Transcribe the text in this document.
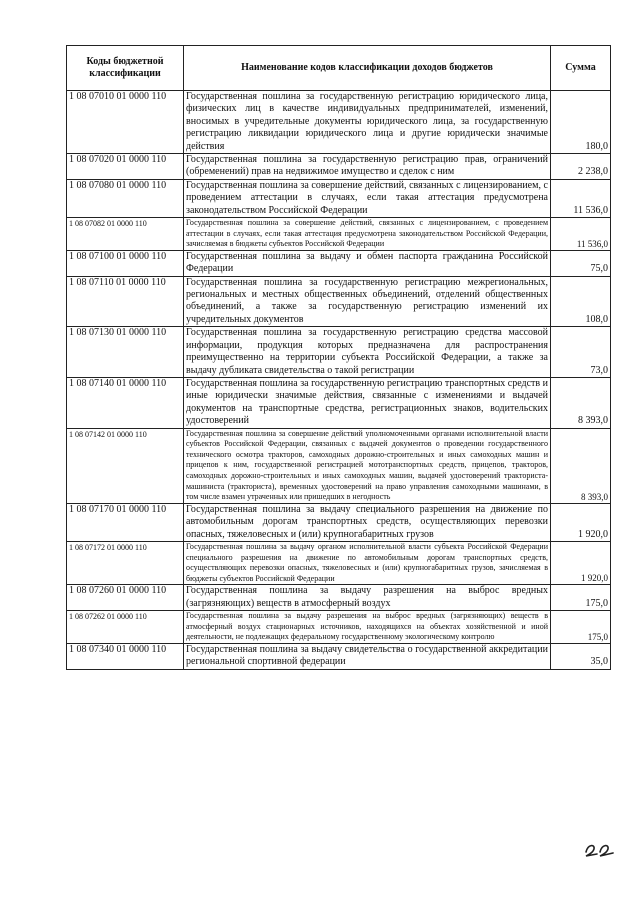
Коды бюджетной классификации	Наименование кодов классификации доходов бюджетов	Сумма
1 08 07010 01 0000 110	Государственная пошлина за государственную регистрацию юридического лица, физических лиц в качестве индивидуальных предпринимателей, изменений, вносимых в учредительные документы юридического лица, за государственную регистрацию ликвидации юридического лица и другие юридически значимые действия	180,0
1 08 07020 01 0000 110	Государственная пошлина за государственную регистрацию прав, ограничений (обременений) прав на недвижимое имущество и сделок с ним	2 238,0
1 08 07080 01 0000 110	Государственная пошлина за совершение действий, связанных с лицензированием, с проведением аттестации в случаях, если такая аттестация предусмотрена законодательством Российской Федерации	11 536,0
1 08 07082 01 0000 110	Государственная пошлина за совершение действий, связанных с лицензированием, с проведением аттестации в случаях, если такая аттестация предусмотрена законодательством Российской Федерации, зачисляемая в бюджеты субъектов Российской Федерации	11 536,0
1 08 07100 01 0000 110	Государственная пошлина за выдачу и обмен паспорта гражданина Российской Федерации	75,0
1 08 07110 01 0000 110	Государственная пошлина за государственную регистрацию межрегиональных, региональных и местных общественных объединений, отделений общественных объединений, а также за государственную регистрацию изменений их учредительных документов	108,0
1 08 07130 01 0000 110	Государственная пошлина за государственную регистрацию средства массовой информации, продукция которых предназначена для распространения преимущественно на территории субъекта Российской Федерации, а также за выдачу дубликата свидетельства о такой регистрации	73,0
1 08 07140 01 0000 110	Государственная пошлина за государственную регистрацию транспортных средств и иные юридически значимые действия, связанные с изменениями и выдачей документов на транспортные средства, регистрационных знаков, водительских удостоверений	8 393,0
1 08 07142 01 0000 110	Государственная пошлина за совершение действий уполномоченными органами исполнительной власти субъектов Российской Федерации, связанных с выдачей документов о проведении государственного технического осмотра тракторов, самоходных дорожно-строительных и иных самоходных машин и прицепов к ним, государственной регистрацией мототранспортных средств, прицепов, тракторов, самоходных дорожно-строительных и иных самоходных машин, выдачей удостоверений тракториста-машиниста (тракториста), временных удостоверений на право управления самоходными машинами, в том числе взамен утраченных или пришедших в негодность	8 393,0
1 08 07170 01 0000 110	Государственная пошлина за выдачу специального разрешения на движение по автомобильным дорогам транспортных средств, осуществляющих перевозки опасных, тяжеловесных и (или) крупногабаритных грузов	1 920,0
1 08 07172 01 0000 110	Государственная пошлина за выдачу органом исполнительной власти субъекта Российской Федерации специального разрешения на движение по автомобильным дорогам транспортных средств, осуществляющих перевозки опасных, тяжеловесных и (или) крупногабаритных грузов, зачисляемая в бюджеты субъектов Российской Федерации	1 920,0
1 08 07260 01 0000 110	Государственная пошлина за выдачу разрешения на выброс вредных (загрязняющих) веществ в атмосферный воздух	175,0
1 08 07262 01 0000 110	Государственная пошлина за выдачу разрешения на выброс вредных (загрязняющих) веществ в атмосферный воздух стационарных источников, находящихся на объектах хозяйственной и иной деятельности, не подлежащих федеральному государственному экологическому контролю	175,0
1 08 07340 01 0000 110	Государственная пошлина за выдачу свидетельства о государственной аккредитации региональной спортивной федерации	35,0
